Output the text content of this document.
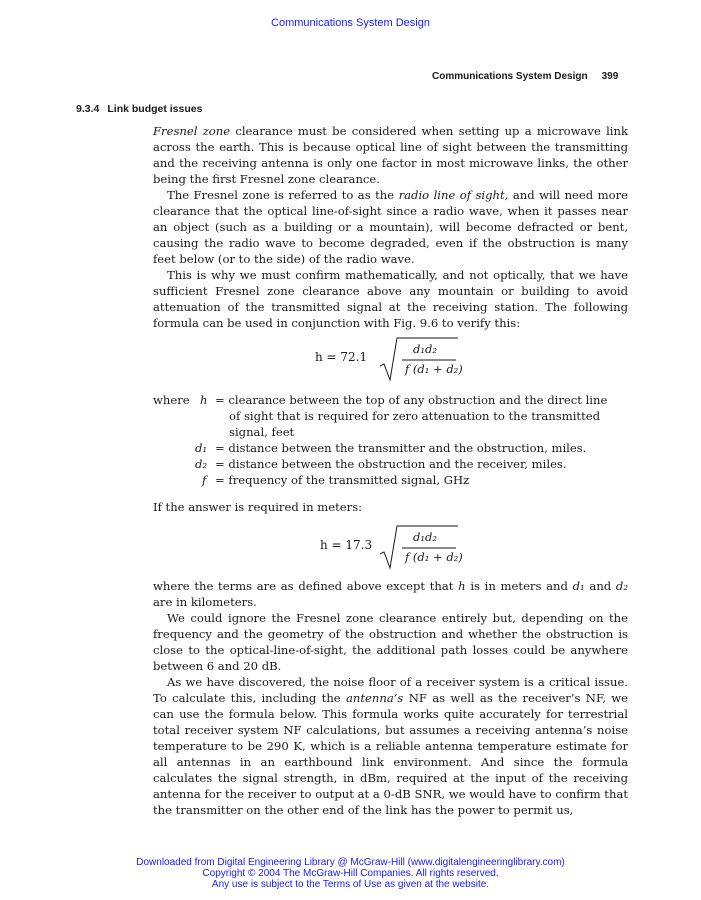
Communications System Design
Communications System Design 399
9.3.4 Link budget issues

Fresnel zone clearance must be considered when setting up a microwave link across the earth. This is because optical line of sight between the transmitting and the receiving antenna is only one factor in most microwave links, the other being the first Fresnel zone clearance.

The Fresnel zone is referred to as the radio line of sight, and will need more clearance that the optical line-of-sight since a radio wave, when it passes near an object (such as a building or a mountain), will become defracted or bent, causing the radio wave to become degraded, even if the obstruction is many feet below (or to the side) of the radio wave.

This is why we must confirm mathematically, and not optically, that we have sufficient Fresnel zone clearance above any mountain or building to avoid attenuation of the transmitted signal at the receiving station. The following formula can be used in conjunction with Fig. 9.6 to verify this:

h = 72.1
d₁d₂
f (d₁ + d₂)
where h = clearance between the top of any obstruction and the direct line
of sight that is required for zero attenuation to the transmitted
signal, feet
d₁ = distance between the transmitter and the obstruction, miles.
d₂ = distance between the obstruction and the receiver, miles.
f = frequency of the transmitted signal, GHz
If the answer is required in meters:
h = 17.3
d₁d₂
f (d₁ + d₂)

where the terms are as defined above except that h is in meters and d₁ and d₂ are in kilometers.

We could ignore the Fresnel zone clearance entirely but, depending on the frequency and the geometry of the obstruction and whether the obstruction is close to the optical-line-of-sight, the additional path losses could be anywhere between 6 and 20 dB.

As we have discovered, the noise floor of a receiver system is a critical issue. To calculate this, including the antenna’s NF as well as the receiver’s NF, we can use the formula below. This formula works quite accurately for terrestrial total receiver system NF calculations, but assumes a receiving antenna’s noise temperature to be 290 K, which is a reliable antenna temperature estimate for all antennas in an earthbound link environment. And since the formula calculates the signal strength, in dBm, required at the input of the receiving antenna for the receiver to output at a 0-dB SNR, we would have to confirm that the transmitter on the other end of the link has the power to permit us,

Downloaded from Digital Engineering Library @ McGraw-Hill (www.digitalengineeringlibrary.com)
Copyright © 2004 The McGraw-Hill Companies. All rights reserved.
Any use is subject to the Terms of Use as given at the website.
